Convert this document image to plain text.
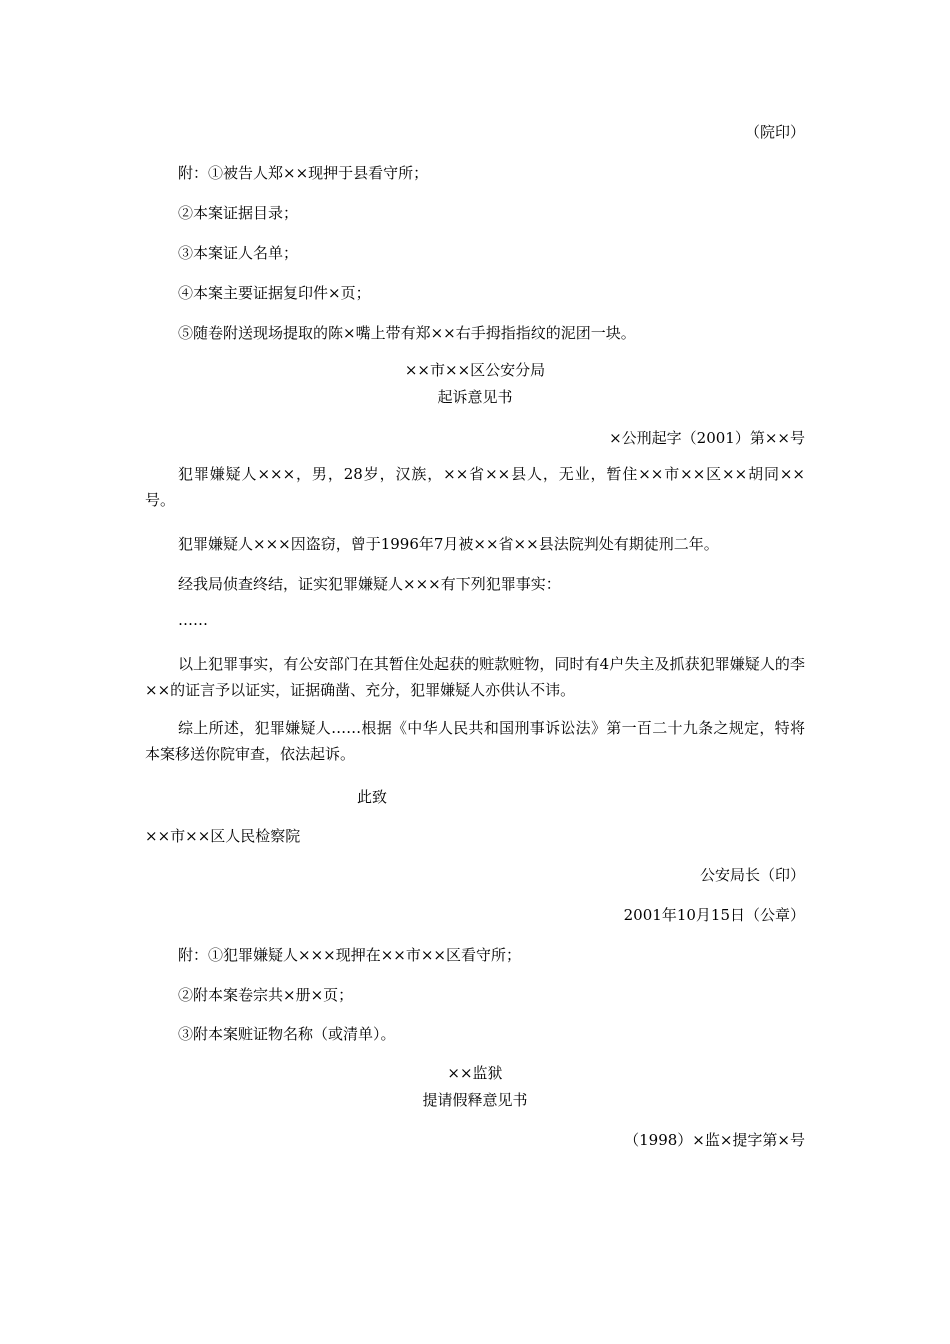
（院印）
附：①被告人郑××现押于县看守所；
②本案证据目录；
③本案证人名单；
④本案主要证据复印件×页；
⑤随卷附送现场提取的陈×嘴上带有郑××右手拇指指纹的泥团一块。
××市××区公安分局
起诉意见书
×公刑起字（2001）第××号
犯罪嫌疑人×××，男，28岁，汉族，××省××县人，无业，暂住××市××区××胡同××号。
犯罪嫌疑人×××因盗窃，曾于1996年7月被××省××县法院判处有期徒刑二年。
经我局侦查终结，证实犯罪嫌疑人×××有下列犯罪事实：
……
以上犯罪事实，有公安部门在其暂住处起获的赃款赃物，同时有4户失主及抓获犯罪嫌疑人的李××的证言予以证实，证据确凿、充分，犯罪嫌疑人亦供认不讳。
综上所述，犯罪嫌疑人……根据《中华人民共和国刑事诉讼法》第一百二十九条之规定，特将本案移送你院审查，依法起诉。
此致
××市××区人民检察院
公安局长（印）
2001年10月15日（公章）
附：①犯罪嫌疑人×××现押在××市××区看守所；
②附本案卷宗共×册×页；
③附本案赃证物名称（或清单）。
××监狱
提请假释意见书
（1998）×监×提字第×号
